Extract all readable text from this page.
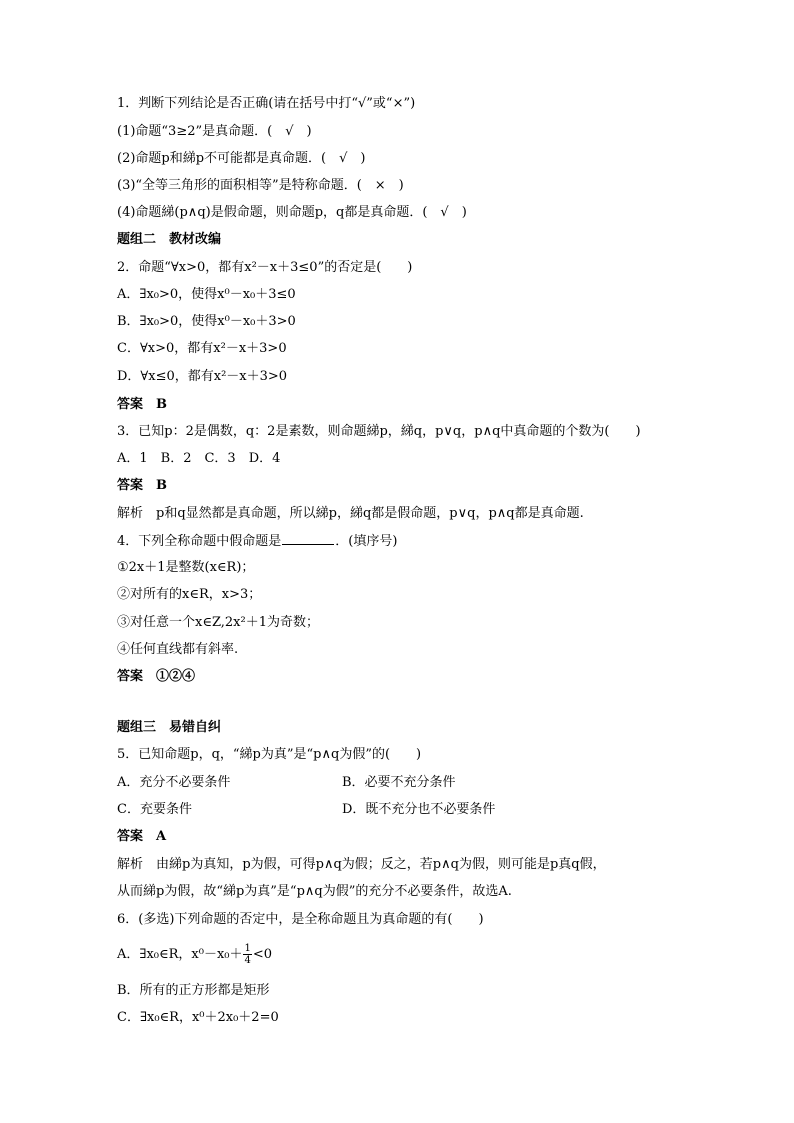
1．判断下列结论是否正确(请在括号中打“√”或“×”)
(1)命题“3≥2”是真命题．(　√　)
(2)命题p和綈p不可能都是真命题．(　√　)
(3)“全等三角形的面积相等”是特称命题．(　×　)
(4)命题綈(p∧q)是假命题，则命题p，q都是真命题．(　√　)
题组二　教材改编
2．命题“∀x>0，都有x²－x＋3≤0”的否定是(　　)
A．∃x₀>0，使得x⁰－x₀＋3≤0
B．∃x₀>0，使得x⁰－x₀＋3>0
C．∀x>0，都有x²－x＋3>0
D．∀x≤0，都有x²－x＋3>0
答案　B
3．已知p：2是偶数，q：2是素数，则命题綈p，綈q，p∨q，p∧q中真命题的个数为(　　)
A．1　B．2　C．3　D．4
答案　B
解析　p和q显然都是真命题，所以綈p，綈q都是假命题，p∨q，p∧q都是真命题.
4．下列全称命题中假命题是	．(填序号)
①2x＋1是整数(x∈R)；
②对所有的x∈R，x>3；
③对任意一个x∈Z,2x²＋1为奇数；
④任何直线都有斜率.
答案　①②④
题组三　易错自纠
5．已知命题p，q，“綈p为真”是“p∧q为假”的(　　)
A．充分不必要条件	B．必要不充分条件
C．充要条件	D．既不充分也不必要条件
答案　A
解析　由綈p为真知，p为假，可得p∧q为假；反之，若p∧q为假，则可能是p真q假，
从而綈p为假，故“綈p为真”是“p∧q为假”的充分不必要条件，故选A.
6．(多选)下列命题的否定中，是全称命题且为真命题的有(　　)
A．∃x₀∈R，$x^0-x_0+ \frac{1}{4} <0$
B．所有的正方形都是矩形
C．∃x₀∈R，x⁰＋2x₀＋2=0
